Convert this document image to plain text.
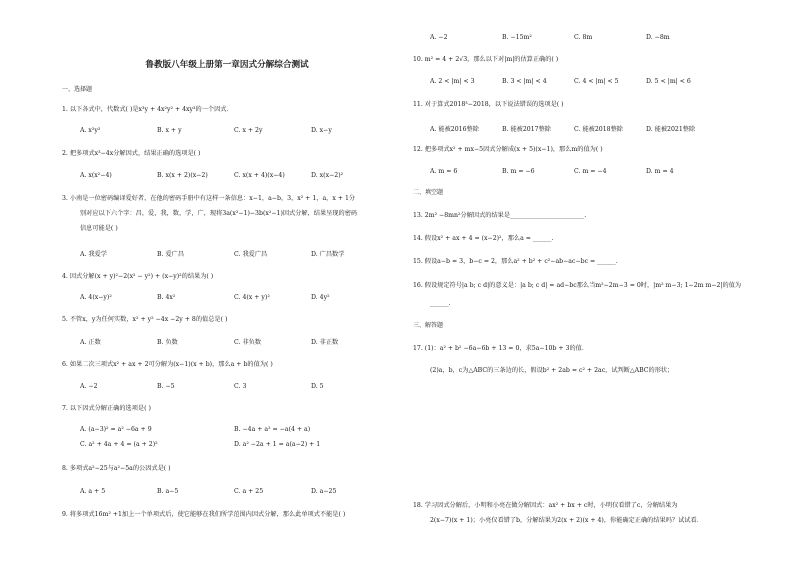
鲁教版八年级上册第一章因式分解综合测试
一、选择题
1. 以下各式中，代数式( )是x³y + 4x²y² + 4xy³的一个因式．
A. x²y²	B. x + y	C. x + 2y	D. x−y
2. 把多项式x³−4x分解因式，结果正确的选项是( )
A. x(x²−4)	B. x(x + 2)(x−2)	C. x(x + 4)(x−4)	D. x(x−2)²
3. 小南是一位密码编译爱好者，在他的密码手册中有这样一条信息：x−1，a−b，3，x² + 1，a，x + 1分
别对应以下六个字：昌，爱，我，数，学，广，现将3a(x²−1)−3b(x²−1)因式分解，结果呈现的密码
信息可能是( )
A. 我爱学	B. 爱广昌	C. 我爱广昌	D. 广昌数学
4. 因式分解(x + y)²−2(x² − y²) + (x−y)²的结果为( )
A. 4(x−y)²	B. 4x²	C. 4(x + y)²	D. 4y²
5. 不管x，y为任何实数，x² + y² −4x −2y + 8的值总是( )
A. 正数	B. 负数	C. 非负数	D. 非正数
6. 如果二次三项式x² + ax + 2可分解为(x−1)(x + b)，那么a + b的值为( )
A. −2	B. −5	C. 3	D. 5
7. 以下因式分解正确的选项是( )
A. (a−3)² = a² −6a + 9	B. −4a + a² = −a(4 + a)
C. a² + 4a + 4 = (a + 2)²	D. a² −2a + 1 = a(a−2) + 1
8. 多项式a²−25与a²−5a的公因式是( )
A. a + 5	B. a−5	C. a + 25	D. a−25
9. 将多项式16m² +1加上一个单项式后，使它能够在我们所学范围内因式分解，那么此单项式不能是( )
A. −2	B. −15m²	C. 8m	D. −8m
10. m² = 4 + 2√3，那么以下对|m|的估算正确的( )
A. 2 < |m| < 3	B. 3 < |m| < 4	C. 4 < |m| < 5	D. 5 < |m| < 6
11. 对于算式2018³−2018，以下说法错误的选项是( )
A. 能被2016整除	B. 能被2017整除	C. 能被2018整除	D. 能被2021整除
12. 把多项式x² + mx−5因式分解成(x + 5)(x−1)，那么m的值为( )
A. m = 6	B. m = −6	C. m = −4	D. m = 4
二、填空题
13. 2m² −8mn²分解因式的结果是________________________.
14. 假设x² + ax + 4 = (x−2)²，那么a = ______.
15. 假设a−b = 3，b−c = 2，那么a² + b² + c²−ab−ac−bc = ______.
16. 假设规定符号|a b; c d|的意义是：|a b; c d| = ad−bc那么当m²−2m−3 = 0时，|m² m−3; 1−2m m−2|的值为
______.
三、解答题
17. (1)：a² + b² −6a−6b + 13 = 0，求5a−10b + 3的值．
(2)a，b，c为△ABC的三条边的长，假设b² + 2ab = c² + 2ac，试判断△ABC的形状；
18. 学习因式分解后，小明和小亮在做分解因式：ax² + bx + c时，小明仅看错了c，分解结果为
2(x−7)(x + 1)；小亮仅看错了b，分解结果为2(x + 2)(x + 4)，你能确定正确的结果吗？试试看．
